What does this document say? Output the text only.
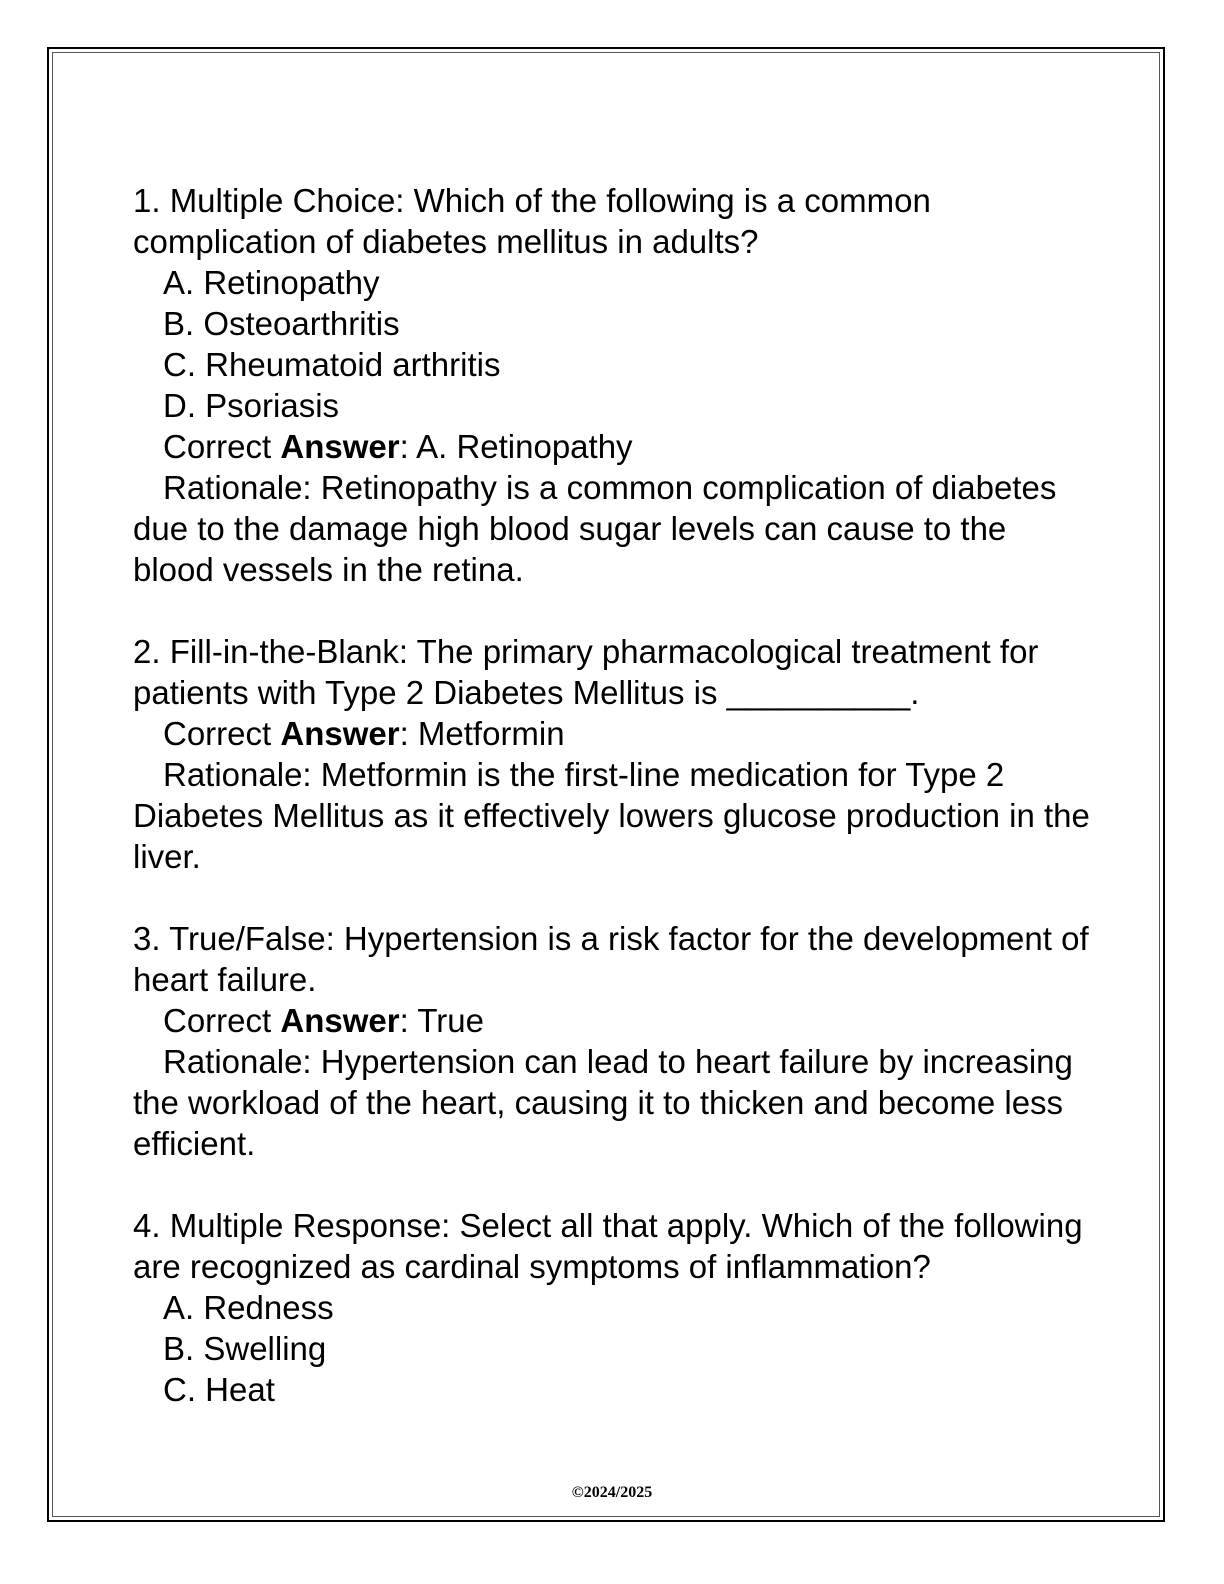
1. Multiple Choice: Which of the following is a common complication of diabetes mellitus in adults?
A. Retinopathy
B. Osteoarthritis
C. Rheumatoid arthritis
D. Psoriasis
Correct Answer: A. Retinopathy
Rationale: Retinopathy is a common complication of diabetes due to the damage high blood sugar levels can cause to the blood vessels in the retina.
2. Fill-in-the-Blank: The primary pharmacological treatment for patients with Type 2 Diabetes Mellitus is __________.
Correct Answer: Metformin
Rationale: Metformin is the first-line medication for Type 2 Diabetes Mellitus as it effectively lowers glucose production in the liver.
3. True/False: Hypertension is a risk factor for the development of heart failure.
Correct Answer: True
Rationale: Hypertension can lead to heart failure by increasing the workload of the heart, causing it to thicken and become less efficient.
4. Multiple Response: Select all that apply. Which of the following are recognized as cardinal symptoms of inflammation?
A. Redness
B. Swelling
C. Heat
©2024/2025
